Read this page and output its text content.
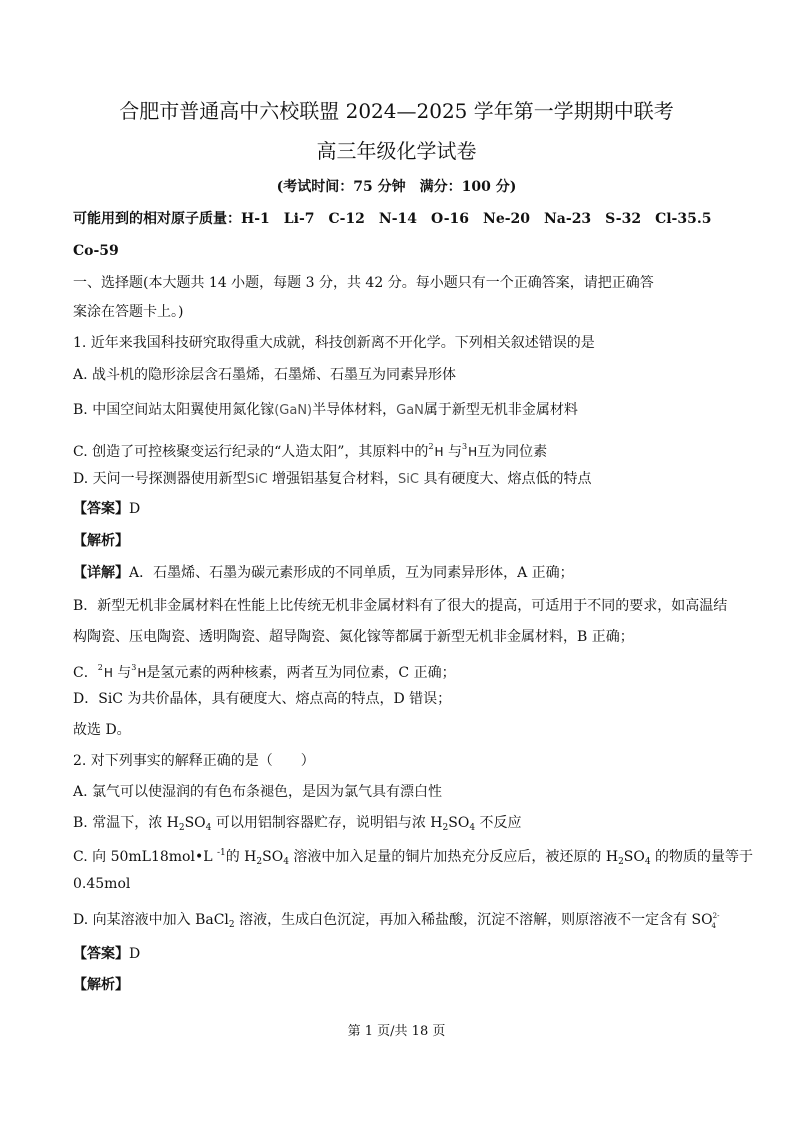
合肥市普通高中六校联盟 2024—2025 学年第一学期期中联考
高三年级化学试卷
(考试时间：75 分钟　满分：100 分)
可能用到的相对原子质量：H-1　Li-7　C-12　N-14　O-16　Ne-20　Na-23　S-32　Cl-35.5
Co-59
一、选择题(本大题共 14 小题，每题 3 分，共 42 分。每小题只有一个正确答案，请把正确答
案涂在答题卡上。)
1. 近年来我国科技研究取得重大成就，科技创新离不开化学。下列相关叙述错误的是
A. 战斗机的隐形涂层含石墨烯，石墨烯、石墨互为同素异形体
B. 中国空间站太阳翼使用氮化镓(GaN)半导体材料，GaN属于新型无机非金属材料
C. 创造了可控核聚变运行纪录的“人造太阳”，其原料中的$^2$H 与$^3$H互为同位素
D. 天问一号探测器使用新型SiC 增强铝基复合材料，SiC 具有硬度大、熔点低的特点
【答案】D
【解析】
【详解】A．石墨烯、石墨为碳元素形成的不同单质，互为同素异形体，A 正确；
B．新型无机非金属材料在性能上比传统无机非金属材料有了很大的提高，可适用于不同的要求，如高温结
构陶瓷、压电陶瓷、透明陶瓷、超导陶瓷、氮化镓等都属于新型无机非金属材料，B 正确；
C．$^2$H 与$^3$H是氢元素的两种核素，两者互为同位素，C 正确；
D．SiC 为共价晶体，具有硬度大、熔点高的特点，D 错误；
故选 D。
2. 对下列事实的解释正确的是（　　）
A. 氯气可以使湿润的有色布条褪色，是因为氯气具有漂白性
B. 常温下，浓 $H_2SO_4$ 可以用铝制容器贮存，说明铝与浓 $H_2SO_4$ 不反应
C. 向 50mL18mol•L $^{-1}$的 $H_2SO_4$ 溶液中加入足量的铜片加热充分反应后，被还原的 $H_2SO_4$ 的物质的量等于
0.45mol
D. 向某溶液中加入 BaCl$_2$ 溶液，生成白色沉淀，再加入稀盐酸，沉淀不溶解，则原溶液不一定含有 $SO^{2-}_4$
【答案】D
【解析】
第 1 页/共 18 页
